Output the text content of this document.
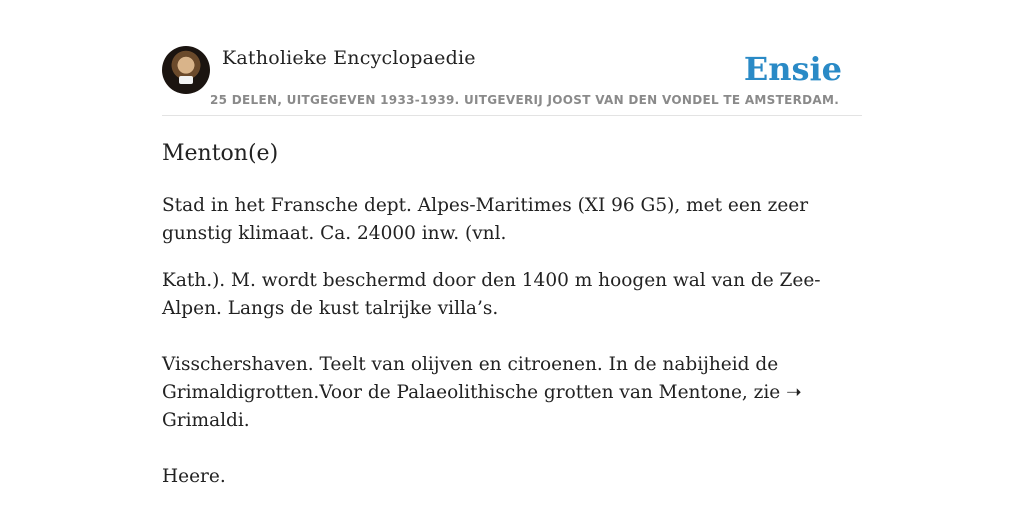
Katholieke Encyclopaedie	Ensie
25 DELEN, UITGEGEVEN 1933-1939. UITGEVERIJ JOOST VAN DEN VONDEL TE AMSTERDAM.
Menton(e)

Stad in het Fransche dept. Alpes-Maritimes (XI 96 G5), met een zeer gunstig klimaat. Ca. 24000 inw. (vnl.

Kath.). M. wordt beschermd door den 1400 m hoogen wal van de Zee-Alpen. Langs de kust talrijke villa’s.

Visschershaven. Teelt van olijven en citroenen. In de nabijheid de Grimaldigrotten.Voor de Palaeolithische grotten van Mentone, zie ➝ Grimaldi.

Heere.
